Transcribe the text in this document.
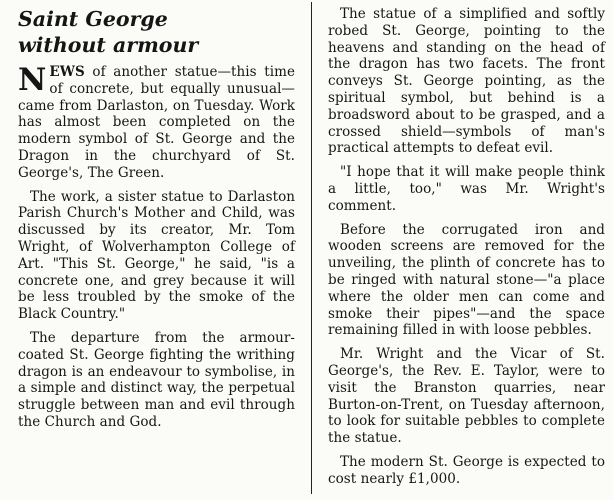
Saint George
without armour

NEWS of another statue—this time of concrete, but equally unusual—came from Darlaston, on Tuesday. Work has almost been completed on the modern symbol of St. George and the Dragon in the churchyard of St. George's, The Green.

The work, a sister statue to Darlaston Parish Church's Mother and Child, was discussed by its creator, Mr. Tom Wright, of Wolverhampton College of Art. "This St. George," he said, "is a concrete one, and grey because it will be less troubled by the smoke of the Black Country."

The departure from the armour-coated St. George fighting the writhing dragon is an endeavour to symbolise, in a simple and distinct way, the perpetual struggle between man and evil through the Church and God.

The statue of a simplified and softly robed St. George, pointing to the heavens and standing on the head of the dragon has two facets. The front conveys St. George pointing, as the spiritual symbol, but behind is a broadsword about to be grasped, and a crossed shield—symbols of man's practical attempts to defeat evil.

"I hope that it will make people think a little, too," was Mr. Wright's comment.

Before the corrugated iron and wooden screens are removed for the unveiling, the plinth of concrete has to be ringed with natural stone—"a place where the older men can come and smoke their pipes"—and the space remaining filled in with loose pebbles.

Mr. Wright and the Vicar of St. George's, the Rev. E. Taylor, were to visit the Branston quarries, near Burton-on-Trent, on Tuesday afternoon, to look for suitable pebbles to complete the statue.

The modern St. George is expected to cost nearly £1,000.
